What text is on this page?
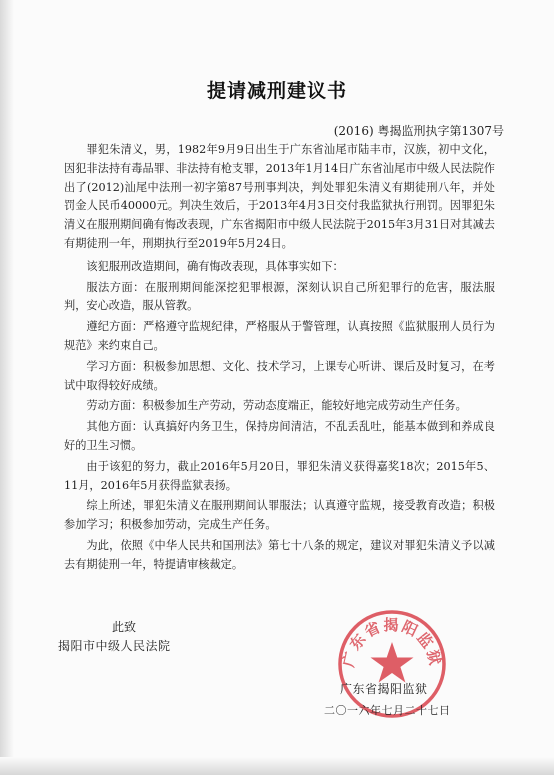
提请减刑建议书
(2016) 粤揭监刑执字第1307号

罪犯朱清义，男，1982年9月9日出生于广东省汕尾市陆丰市，汉族，初中文化，因犯非法持有毒品罪、非法持有枪支罪，2013年1月14日广东省汕尾市中级人民法院作出了(2012)汕尾中法刑一初字第87号刑事判决，判处罪犯朱清义有期徒刑八年，并处罚金人民币40000元。判决生效后，于2013年4月3日交付我监狱执行刑罚。因罪犯朱清义在服刑期间确有悔改表现，广东省揭阳市中级人民法院于2015年3月31日对其减去有期徒刑一年，刑期执行至2019年5月24日。

该犯服刑改造期间，确有悔改表现，具体事实如下：

服法方面：在服刑期间能深挖犯罪根源，深刻认识自己所犯罪行的危害，服法服判，安心改造，服从管教。

遵纪方面：严格遵守监规纪律，严格服从于警管理，认真按照《监狱服刑人员行为规范》来约束自己。

学习方面：积极参加思想、文化、技术学习，上课专心听讲、课后及时复习，在考试中取得较好成绩。

劳动方面：积极参加生产劳动，劳动态度端正，能较好地完成劳动生产任务。

其他方面：认真搞好内务卫生，保持房间清洁，不乱丢乱吐，能基本做到和养成良好的卫生习惯。

由于该犯的努力，截止2016年5月20日，罪犯朱清义获得嘉奖18次；2015年5、11月，2016年5月获得监狱表扬。

综上所述，罪犯朱清义在服刑期间认罪服法；认真遵守监规，接受教育改造；积极参加学习；积极参加劳动，完成生产任务。

为此，依照《中华人民共和国刑法》第七十八条的规定，建议对罪犯朱清义予以减去有期徒刑一年，特提请审核裁定。

此致
揭阳市中级人民法院
广东省揭阳监狱
广东省揭阳监狱
二〇一六年七月二十七日
